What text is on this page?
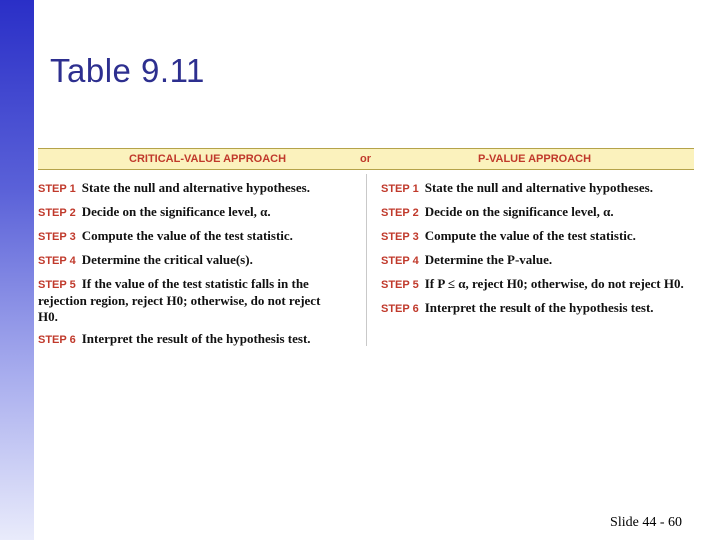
Table 9.11
CRITICAL-VALUE APPROACH	or	P-VALUE APPROACH
STEP 1 State the null and alternative hypotheses.
STEP 2 Decide on the significance level, α.
STEP 3 Compute the value of the test statistic.
STEP 4 Determine the critical value(s).
STEP 5 If the value of the test statistic falls in the rejection region, reject H0; otherwise, do not reject H0.
STEP 6 Interpret the result of the hypothesis test.
STEP 1 State the null and alternative hypotheses.
STEP 2 Decide on the significance level, α.
STEP 3 Compute the value of the test statistic.
STEP 4 Determine the P-value.
STEP 5 If P ≤ α, reject H0; otherwise, do not reject H0.
STEP 6 Interpret the result of the hypothesis test.
Slide 44 - 60
